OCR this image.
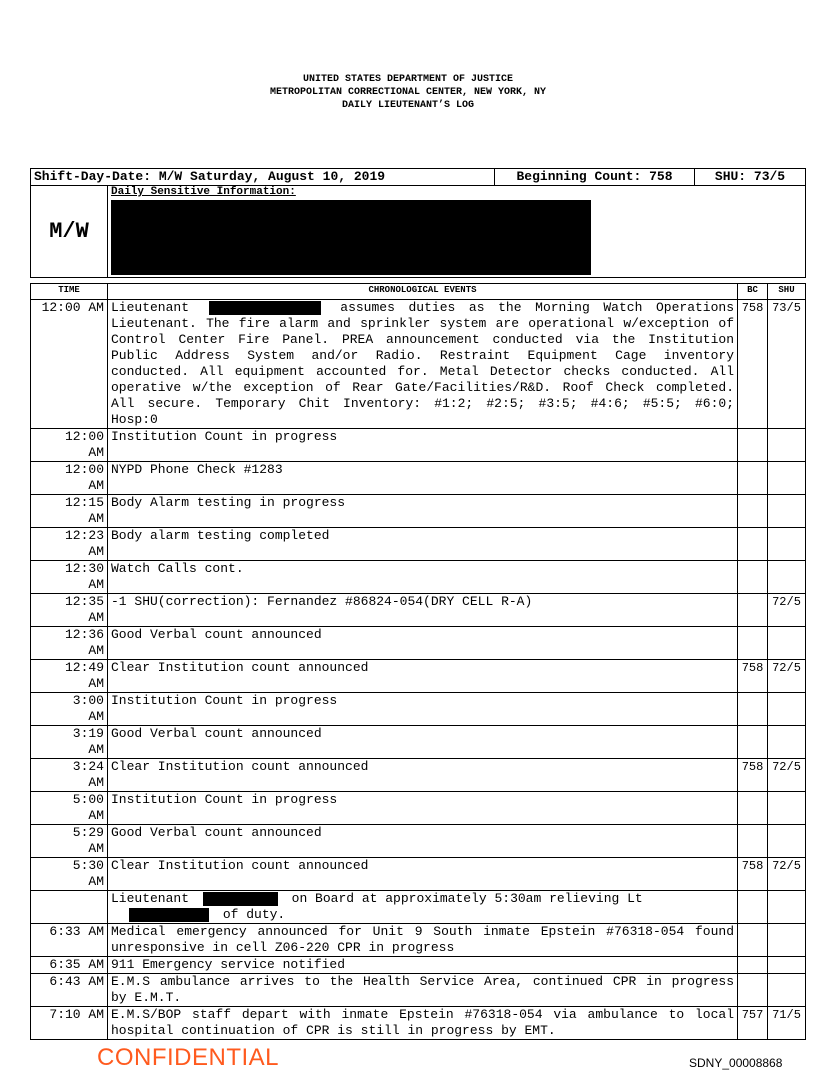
UNITED STATES DEPARTMENT OF JUSTICE
METROPOLITAN CORRECTIONAL CENTER, NEW YORK, NY
DAILY LIEUTENANT’S LOG
Shift-Day-Date: M/W Saturday, August 10, 2019		Beginning Count: 758	SHU: 73/5
M/W	Daily Sensitive Information:		
TIME	CHRONOLOGICAL EVENTS	BC	SHU
12:00 AM	Lieutenant assumes duties as the Morning Watch Operations Lieutenant. The fire alarm and sprinkler system are operational w/exception of Control Center Fire Panel. PREA announcement conducted via the Institution Public Address System and/or Radio. Restraint Equipment Cage inventory conducted. All equipment accounted for. Metal Detector checks conducted. All operative w/the exception of Rear Gate/Facilities/R&D. Roof Check completed. All secure. Temporary Chit Inventory: #1:2; #2:5; #3:5; #4:6; #5:5; #6:0; Hosp:0	758	73/5
12:00 AM	Institution Count in progress		
12:00 AM	NYPD Phone Check #1283		
12:15 AM	Body Alarm testing in progress		
12:23 AM	Body alarm testing completed		
12:30 AM	Watch Calls cont.		
12:35 AM	-1 SHU(correction): Fernandez #86824-054(DRY CELL R-A)		72/5
12:36 AM	Good Verbal count announced		
12:49 AM	Clear Institution count announced	758	72/5
3:00 AM	Institution Count in progress		
3:19 AM	Good Verbal count announced		
3:24 AM	Clear Institution count announced	758	72/5
5:00 AM	Institution Count in progress		
5:29 AM	Good Verbal count announced		
5:30 AM	Clear Institution count announced	758	72/5
	Lieutenant on Board at approximately 5:30am relieving Lt
of duty.		
6:33 AM	Medical emergency announced for Unit 9 South inmate Epstein #76318-054 found unresponsive in cell Z06-220 CPR in progress		
6:35 AM	911 Emergency service notified		
6:43 AM	E.M.S ambulance arrives to the Health Service Area, continued CPR in progress by E.M.T.		
7:10 AM	E.M.S/BOP staff depart with inmate Epstein #76318-054 via ambulance to local hospital continuation of CPR is still in progress by EMT.	757	71/5
CONFIDENTIAL	SDNY_00008868
